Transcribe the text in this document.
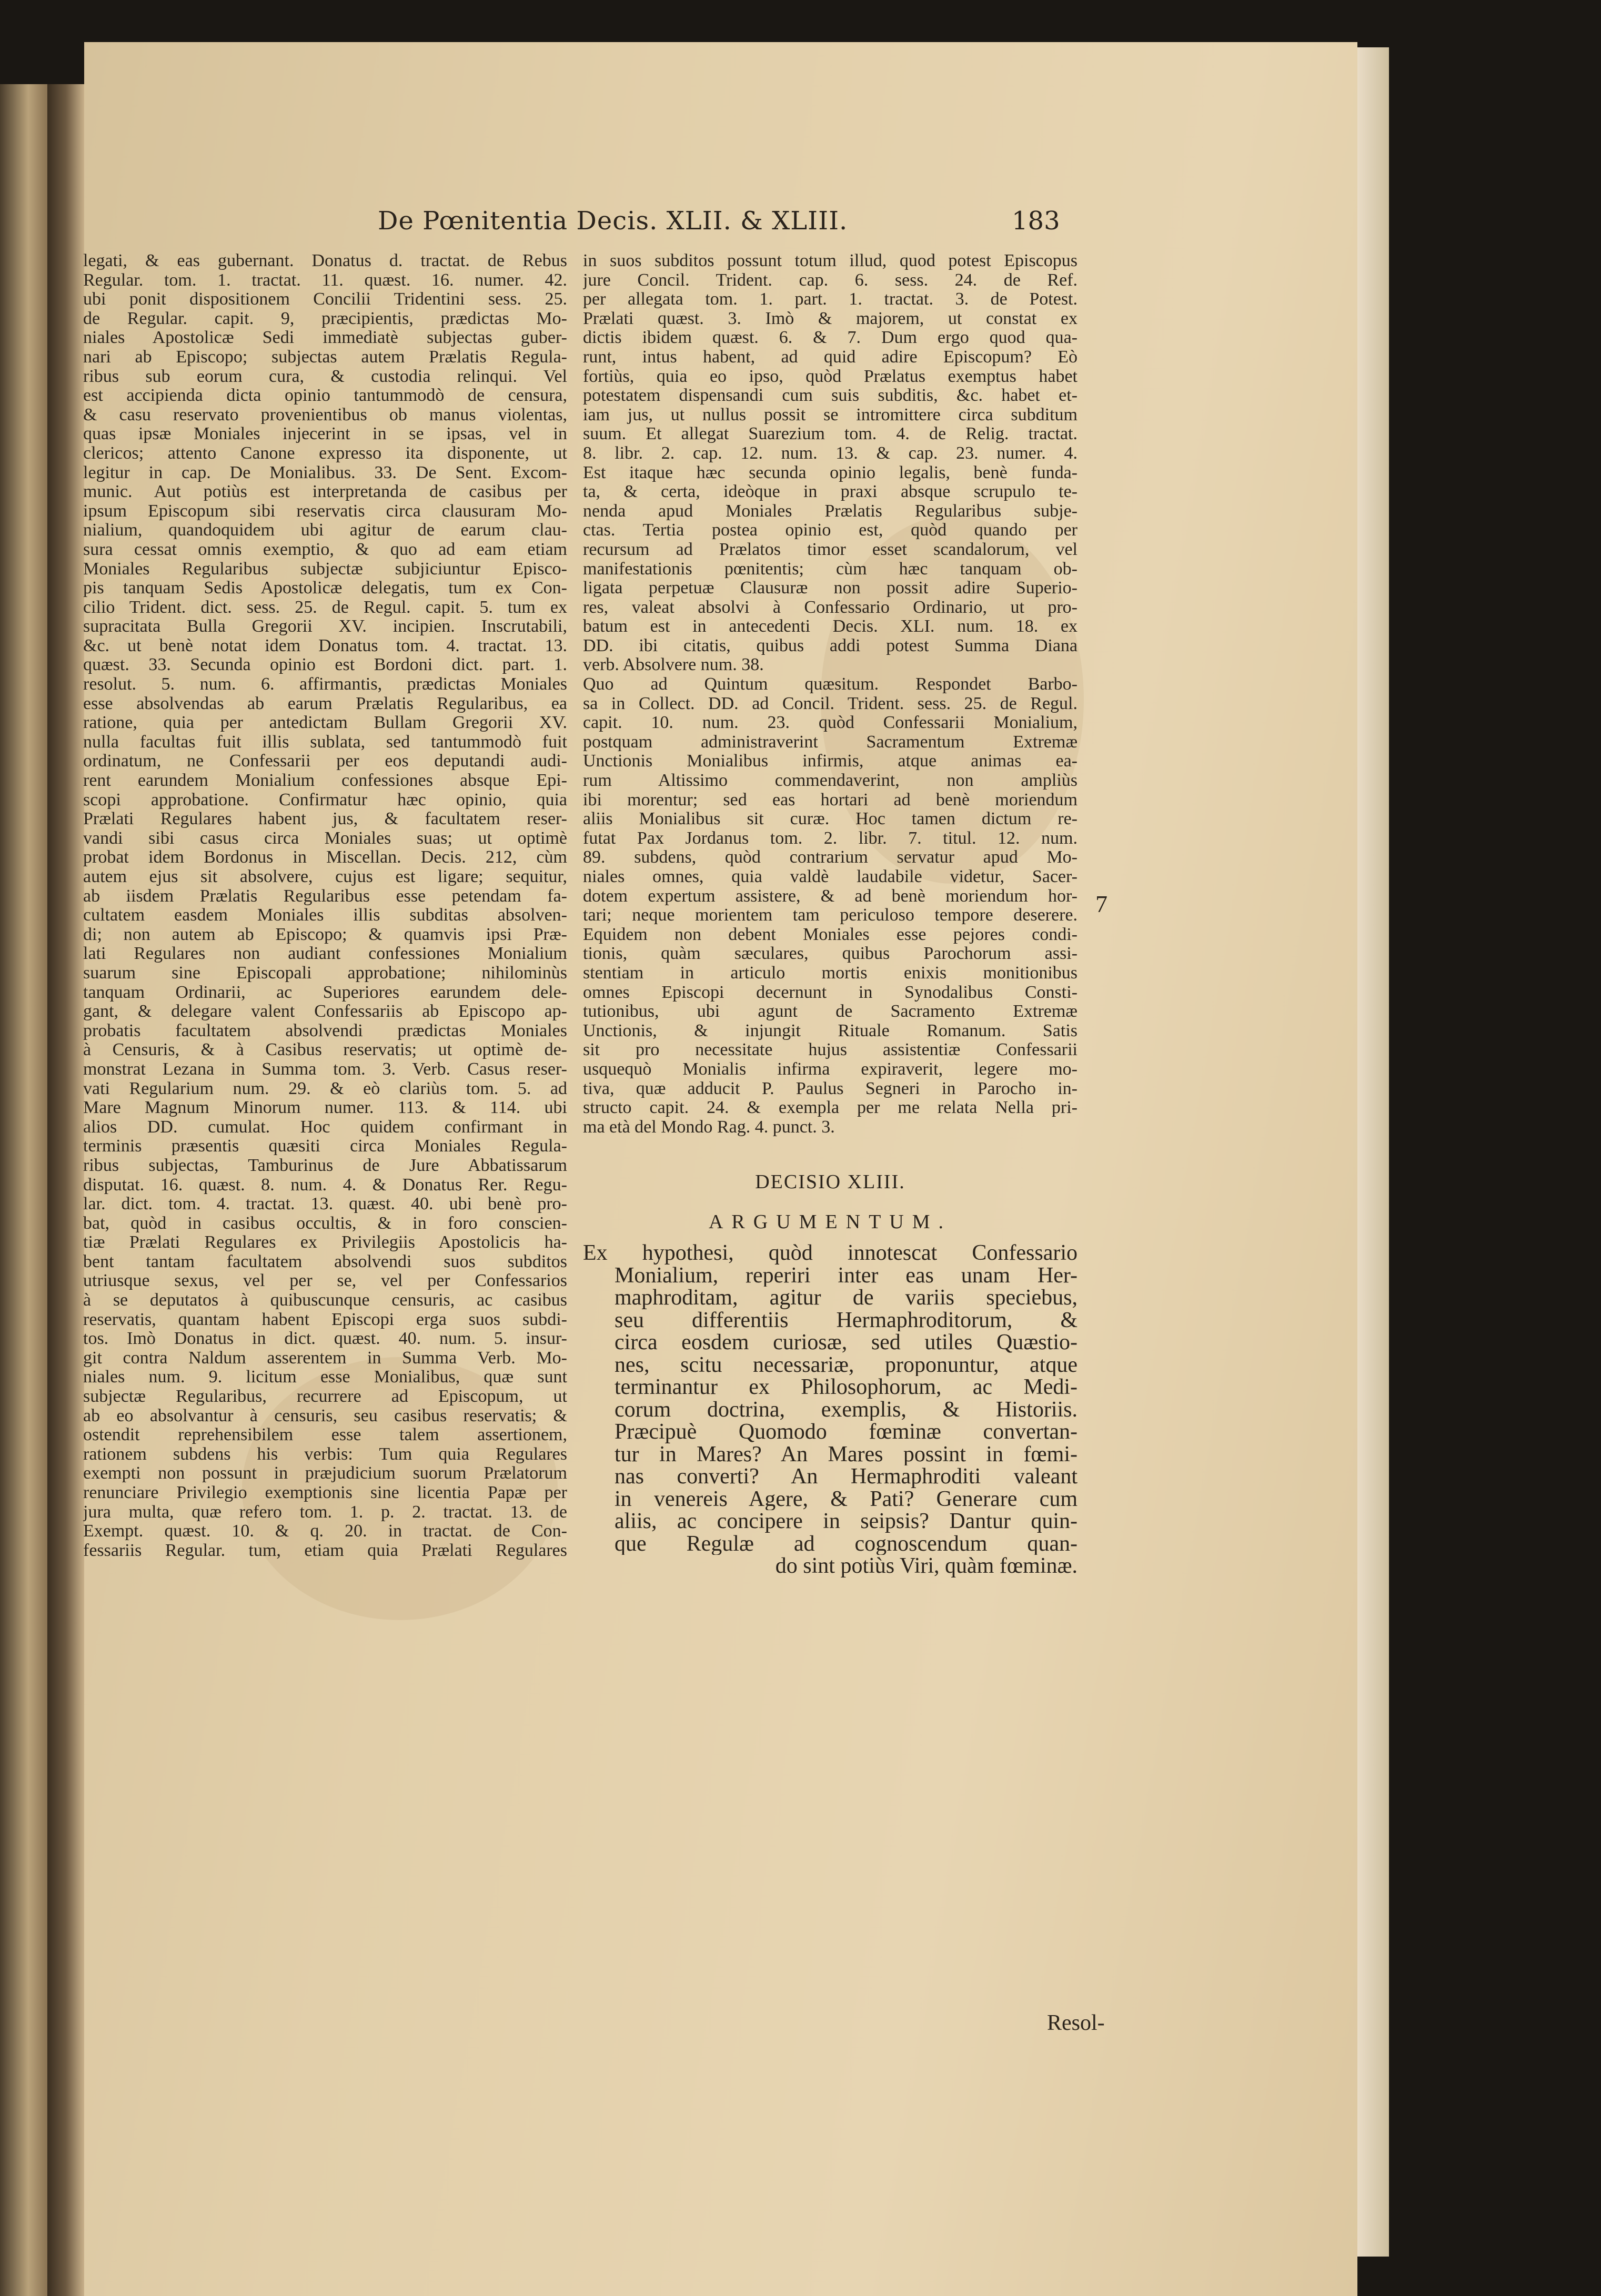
De Pœnitentia Decis. XLII. & XLIII.	183
legati, & eas gubernant. Donatus d. tractat. de Rebus
Regular. tom. 1. tractat. 11. quæst. 16. numer. 42.
ubi ponit dispositionem Concilii Tridentini sess. 25.
de Regular. capit. 9, præcipientis, prædictas Mo-
niales Apostolicæ Sedi immediatè subjectas guber-
nari ab Episcopo; subjectas autem Prælatis Regula-
ribus sub eorum cura, & custodia relinqui. Vel
est accipienda dicta opinio tantummodò de censura,
& casu reservato provenientibus ob manus violentas,
quas ipsæ Moniales injecerint in se ipsas, vel in
clericos; attento Canone expresso ita disponente, ut
legitur in cap. De Monialibus. 33. De Sent. Excom-
munic. Aut potiùs est interpretanda de casibus per
ipsum Episcopum sibi reservatis circa clausuram Mo-
nialium, quandoquidem ubi agitur de earum clau-
sura cessat omnis exemptio, & quo ad eam etiam
Moniales Regularibus subjectæ subjiciuntur Episco-
pis tanquam Sedis Apostolicæ delegatis, tum ex Con-
cilio Trident. dict. sess. 25. de Regul. capit. 5. tum ex
supracitata Bulla Gregorii XV. incipien. Inscrutabili,
&c. ut benè notat idem Donatus tom. 4. tractat. 13.
quæst. 33. Secunda opinio est Bordoni dict. part. 1.
resolut. 5. num. 6. affirmantis, prædictas Moniales
esse absolvendas ab earum Prælatis Regularibus, ea
ratione, quia per antedictam Bullam Gregorii XV.
nulla facultas fuit illis sublata, sed tantummodò fuit
ordinatum, ne Confessarii per eos deputandi audi-
rent earundem Monialium confessiones absque Epi-
scopi approbatione. Confirmatur hæc opinio, quia
Prælati Regulares habent jus, & facultatem reser-
vandi sibi casus circa Moniales suas; ut optimè
probat idem Bordonus in Miscellan. Decis. 212, cùm
autem ejus sit absolvere, cujus est ligare; sequitur,
ab iisdem Prælatis Regularibus esse petendam fa-
cultatem easdem Moniales illis subditas absolven-
di; non autem ab Episcopo; & quamvis ipsi Præ-
lati Regulares non audiant confessiones Monialium
suarum sine Episcopali approbatione; nihilominùs
tanquam Ordinarii, ac Superiores earundem dele-
gant, & delegare valent Confessariis ab Episcopo ap-
probatis facultatem absolvendi prædictas Moniales
à Censuris, & à Casibus reservatis; ut optimè de-
monstrat Lezana in Summa tom. 3. Verb. Casus reser-
vati Regularium num. 29. & eò clariùs tom. 5. ad
Mare Magnum Minorum numer. 113. & 114. ubi
alios DD. cumulat. Hoc quidem confirmant in
terminis præsentis quæsiti circa Moniales Regula-
ribus subjectas, Tamburinus de Jure Abbatissarum
disputat. 16. quæst. 8. num. 4. & Donatus Rer. Regu-
lar. dict. tom. 4. tractat. 13. quæst. 40. ubi benè pro-
bat, quòd in casibus occultis, & in foro conscien-
tiæ Prælati Regulares ex Privilegiis Apostolicis ha-
bent tantam facultatem absolvendi suos subditos
utriusque sexus, vel per se, vel per Confessarios
à se deputatos à quibuscunque censuris, ac casibus
reservatis, quantam habent Episcopi erga suos subdi-
tos. Imò Donatus in dict. quæst. 40. num. 5. insur-
git contra Naldum asserentem in Summa Verb. Mo-
niales num. 9. licitum esse Monialibus, quæ sunt
subjectæ Regularibus, recurrere ad Episcopum, ut
ab eo absolvantur à censuris, seu casibus reservatis; &
ostendit reprehensibilem esse talem assertionem,
rationem subdens his verbis: Tum quia Regulares
exempti non possunt in præjudicium suorum Prælatorum
renunciare Privilegio exemptionis sine licentia Papæ per
jura multa, quæ refero tom. 1. p. 2. tractat. 13. de
Exempt. quæst. 10. & q. 20. in tractat. de Con-
fessariis Regular. tum, etiam quia Prælati Regulares
in suos subditos possunt totum illud, quod potest Episcopus
jure Concil. Trident. cap. 6. sess. 24. de Ref.
per allegata tom. 1. part. 1. tractat. 3. de Potest.
Prælati quæst. 3. Imò & majorem, ut constat ex
dictis ibidem quæst. 6. & 7. Dum ergo quod qua-
runt, intus habent, ad quid adire Episcopum? Eò
fortiùs, quia eo ipso, quòd Prælatus exemptus habet
potestatem dispensandi cum suis subditis, &c. habet et-
iam jus, ut nullus possit se intromittere circa subditum
suum. Et allegat Suarezium tom. 4. de Relig. tractat.
8. libr. 2. cap. 12. num. 13. & cap. 23. numer. 4.
Est itaque hæc secunda opinio legalis, benè funda-
ta, & certa, ideòque in praxi absque scrupulo te-
nenda apud Moniales Prælatis Regularibus subje-
ctas. Tertia postea opinio est, quòd quando per
recursum ad Prælatos timor esset scandalorum, vel
manifestationis pœnitentis; cùm hæc tanquam ob-
ligata perpetuæ Clausuræ non possit adire Superio-
res, valeat absolvi à Confessario Ordinario, ut pro-
batum est in antecedenti Decis. XLI. num. 18. ex
DD. ibi citatis, quibus addi potest Summa Diana
verb. Absolvere num. 38.
Quo ad Quintum quæsitum. Respondet Barbo-
sa in Collect. DD. ad Concil. Trident. sess. 25. de Regul.
capit. 10. num. 23. quòd Confessarii Monialium,
postquam administraverint Sacramentum Extremæ
Unctionis Monialibus infirmis, atque animas ea-
rum Altissimo commendaverint, non ampliùs
ibi morentur; sed eas hortari ad benè moriendum
aliis Monialibus sit curæ. Hoc tamen dictum re-
futat Pax Jordanus tom. 2. libr. 7. titul. 12. num.
89. subdens, quòd contrarium servatur apud Mo-
niales omnes, quia valdè laudabile videtur, Sacer-
dotem expertum assistere, & ad benè moriendum hor-
tari; neque morientem tam periculoso tempore deserere.
Equidem non debent Moniales esse pejores condi-
tionis, quàm sæculares, quibus Parochorum assi-
stentiam in articulo mortis enixis monitionibus
omnes Episcopi decernunt in Synodalibus Consti-
tutionibus, ubi agunt de Sacramento Extremæ
Unctionis, & injungit Rituale Romanum. Satis
sit pro necessitate hujus assistentiæ Confessarii
usquequò Monialis infirma expiraverit, legere mo-
tiva, quæ adducit P. Paulus Segneri in Parocho in-
structo capit. 24. & exempla per me relata Nella pri-
ma età del Mondo Rag. 4. punct. 3.
DECISIO XLIII.
ARGUMENTUM.
Ex hypothesi, quòd innotescat Confessario
Monialium, reperiri inter eas unam Her-
maphroditam, agitur de variis speciebus,
seu differentiis Hermaphroditorum, &
circa eosdem curiosæ, sed utiles Quæstio-
nes, scitu necessariæ, proponuntur, atque
terminantur ex Philosophorum, ac Medi-
corum doctrina, exemplis, & Historiis.
Præcipuè Quomodo fœminæ convertan-
tur in Mares? An Mares possint in fœmi-
nas converti? An Hermaphroditi valeant
in venereis Agere, & Pati? Generare cum
aliis, ac concipere in seipsis? Dantur quin-
que Regulæ ad cognoscendum quan-
do sint potiùs Viri, quàm fœminæ.
7
Resol-
